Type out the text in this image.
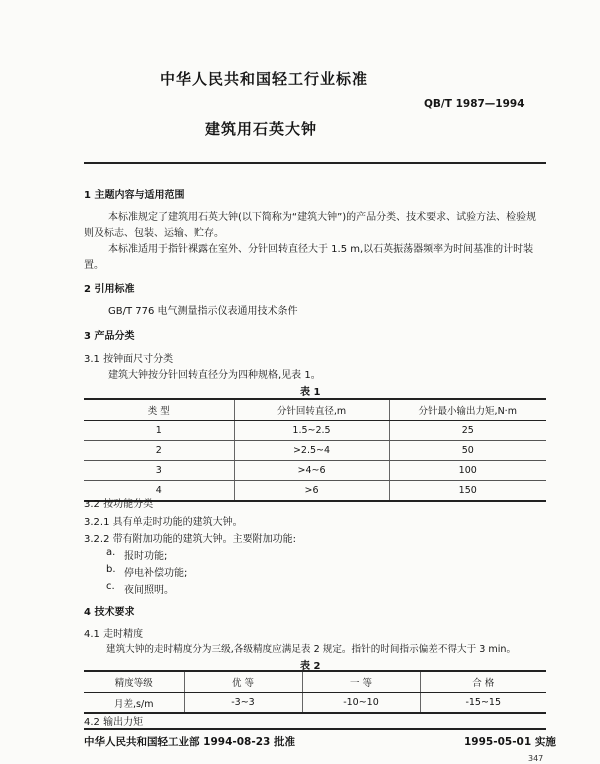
中华人民共和国轻工行业标准
QB/T 1987—1994
建筑用石英大钟
1 主题内容与适用范围
本标准规定了建筑用石英大钟(以下简称为“建筑大钟”)的产品分类、技术要求、试验方法、检验规
则及标志、包装、运输、贮存。
本标准适用于指针裸露在室外、分针回转直径大于 1.5 m,以石英振荡器频率为时间基准的计时装
置。
2 引用标准
GB/T 776 电气测量指示仪表通用技术条件
3 产品分类
3.1 按钟面尺寸分类
建筑大钟按分针回转直径分为四种规格,见表 1。
表 1
类 型	分针回转直径,m	分针最小输出力矩,N·m
1	1.5~2.5	25
2	>2.5~4	50
3	>4~6	100
4	>6	150
3.2 按功能分类
3.2.1 具有单走时功能的建筑大钟。
3.2.2 带有附加功能的建筑大钟。主要附加功能:
a. 报时功能;
b. 停电补偿功能;
c. 夜间照明。
4 技术要求
4.1 走时精度
建筑大钟的走时精度分为三级,各级精度应满足表 2 规定。指针的时间指示偏差不得大于 3 min。
表 2
精度等级	优 等	一 等	合 格
月差,s/m	-3~3	-10~10	-15~15
4.2 输出力矩
中华人民共和国轻工业部 1994-08-23 批准	1995-05-01 实施
347
